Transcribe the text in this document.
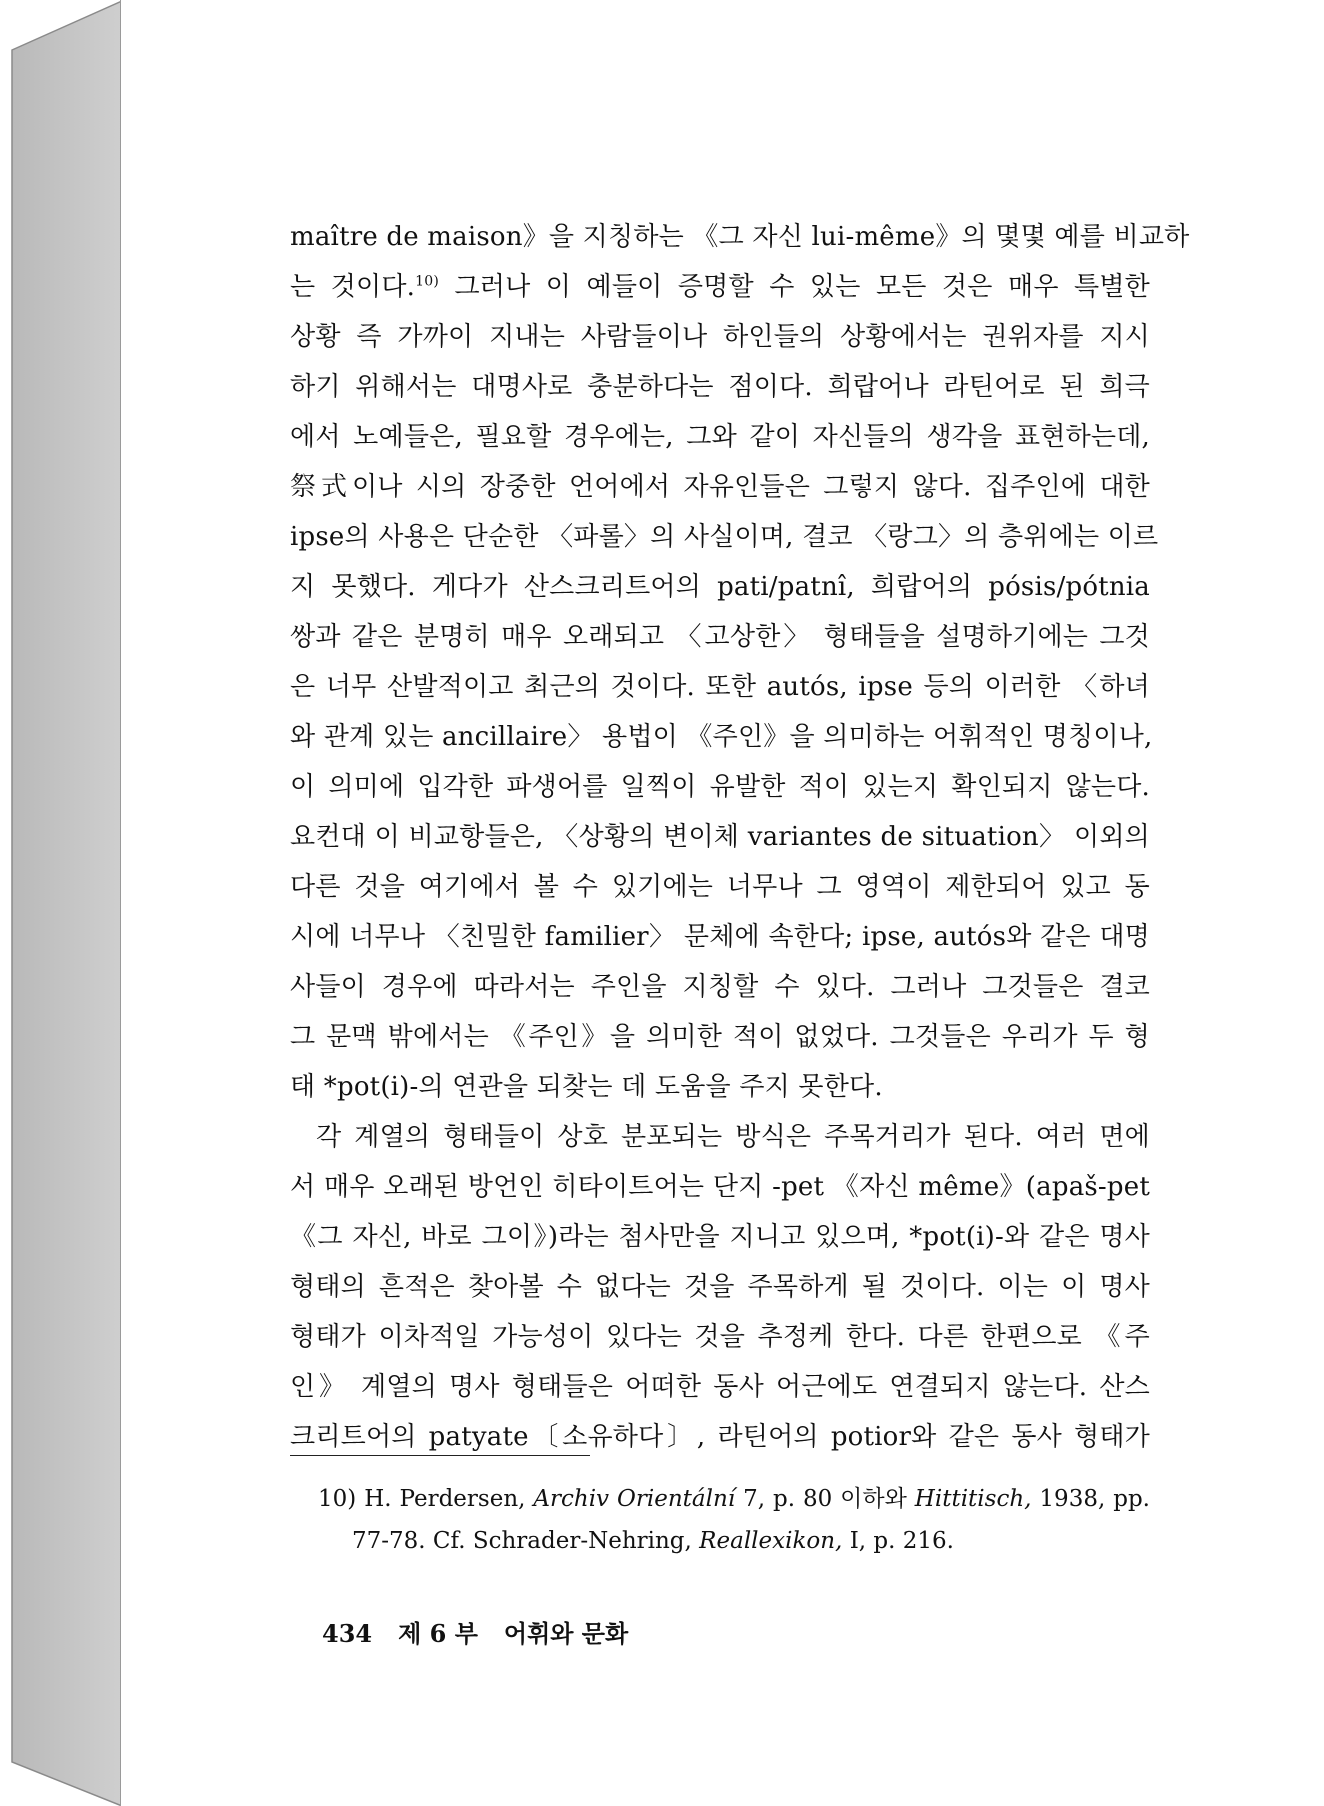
maître de maison》을 지칭하는 《그 자신 lui-même》의 몇몇 예를 비교하
는 것이다.$^{10)}$ 그러나 이 예들이 증명할 수 있는 모든 것은 매우 특별한
상황 즉 가까이 지내는 사람들이나 하인들의 상황에서는 권위자를 지시
하기 위해서는 대명사로 충분하다는 점이다. 희랍어나 라틴어로 된 희극
에서 노예들은, 필요할 경우에는, 그와 같이 자신들의 생각을 표현하는데,
祭式이나 시의 장중한 언어에서 자유인들은 그렇지 않다. 집주인에 대한
ipse의 사용은 단순한 〈파롤〉의 사실이며, 결코 〈랑그〉의 층위에는 이르
지 못했다. 게다가 산스크리트어의 pati/patnî, 희랍어의 pósis/pótnia
쌍과 같은 분명히 매우 오래되고 〈고상한〉 형태들을 설명하기에는 그것
은 너무 산발적이고 최근의 것이다. 또한 autós, ipse 등의 이러한 〈하녀
와 관계 있는 ancillaire〉 용법이 《주인》을 의미하는 어휘적인 명칭이나,
이 의미에 입각한 파생어를 일찍이 유발한 적이 있는지 확인되지 않는다.
요컨대 이 비교항들은, 〈상황의 변이체 variantes de situation〉 이외의
다른 것을 여기에서 볼 수 있기에는 너무나 그 영역이 제한되어 있고 동
시에 너무나 〈친밀한 familier〉 문체에 속한다; ipse, autós와 같은 대명
사들이 경우에 따라서는 주인을 지칭할 수 있다. 그러나 그것들은 결코
그 문맥 밖에서는 《주인》을 의미한 적이 없었다. 그것들은 우리가 두 형
태 *pot(i)-의 연관을 되찾는 데 도움을 주지 못한다.
각 계열의 형태들이 상호 분포되는 방식은 주목거리가 된다. 여러 면에
서 매우 오래된 방언인 히타이트어는 단지 -pet 《자신 même》(apaš-pet
《그 자신, 바로 그이》)라는 첨사만을 지니고 있으며, *pot(i)-와 같은 명사
형태의 흔적은 찾아볼 수 없다는 것을 주목하게 될 것이다. 이는 이 명사
형태가 이차적일 가능성이 있다는 것을 추정케 한다. 다른 한편으로 《주
인》 계열의 명사 형태들은 어떠한 동사 어근에도 연결되지 않는다. 산스
크리트어의 patyate〔소유하다〕, 라틴어의 potior와 같은 동사 형태가
10) H. Perdersen, Archiv Orientální 7, p. 80 이하와 Hittitisch, 1938, pp.
77-78. Cf. Schrader-Nehring, Reallexikon, I, p. 216.
434 제 6 부 어휘와 문화
